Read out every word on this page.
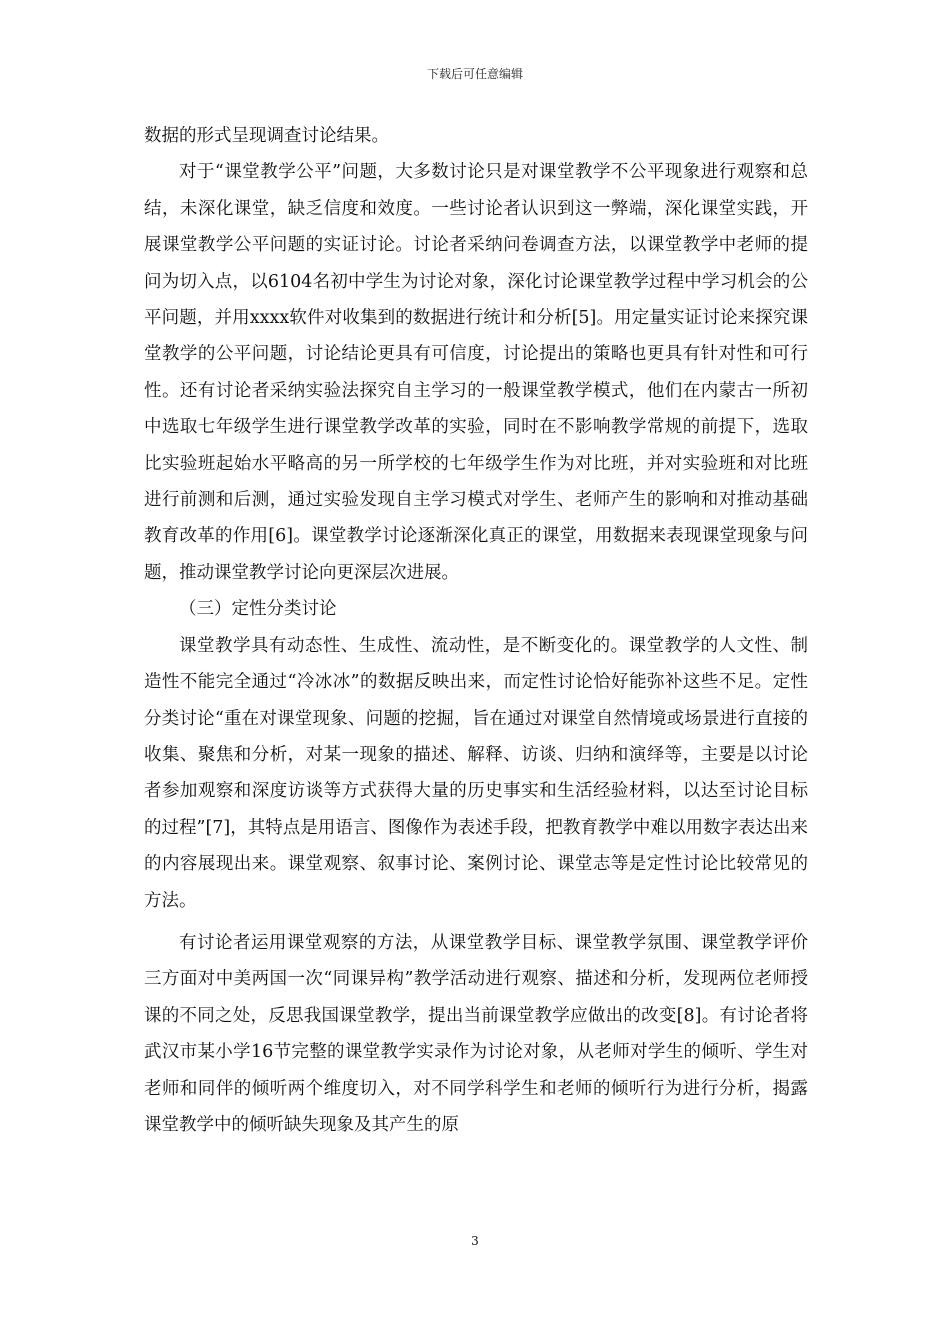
下载后可任意编辑

数据的形式呈现调查讨论结果。

对于“课堂教学公平”问题，大多数讨论只是对课堂教学不公平现象进行观察和总结，未深化课堂，缺乏信度和效度。一些讨论者认识到这一弊端，深化课堂实践，开展课堂教学公平问题的实证讨论。讨论者采纳问卷调查方法，以课堂教学中老师的提问为切入点，以6104名初中学生为讨论对象，深化讨论课堂教学过程中学习机会的公平问题，并用xxxx软件对收集到的数据进行统计和分析[5]。用定量实证讨论来探究课堂教学的公平问题，讨论结论更具有可信度，讨论提出的策略也更具有针对性和可行性。还有讨论者采纳实验法探究自主学习的一般课堂教学模式，他们在内蒙古一所初中选取七年级学生进行课堂教学改革的实验，同时在不影响教学常规的前提下，选取比实验班起始水平略高的另一所学校的七年级学生作为对比班，并对实验班和对比班进行前测和后测，通过实验发现自主学习模式对学生、老师产生的影响和对推动基础教育改革的作用[6]。课堂教学讨论逐渐深化真正的课堂，用数据来表现课堂现象与问题，推动课堂教学讨论向更深层次进展。

（三）定性分类讨论

课堂教学具有动态性、生成性、流动性，是不断变化的。课堂教学的人文性、制造性不能完全通过“冷冰冰”的数据反映出来，而定性讨论恰好能弥补这些不足。定性分类讨论“重在对课堂现象、问题的挖掘，旨在通过对课堂自然情境或场景进行直接的收集、聚焦和分析，对某一现象的描述、解释、访谈、归纳和演绎等，主要是以讨论者参加观察和深度访谈等方式获得大量的历史事实和生活经验材料，以达至讨论目标的过程”[7]，其特点是用语言、图像作为表述手段，把教育教学中难以用数字表达出来的内容展现出来。课堂观察、叙事讨论、案例讨论、课堂志等是定性讨论比较常见的方法。

有讨论者运用课堂观察的方法，从课堂教学目标、课堂教学氛围、课堂教学评价三方面对中美两国一次“同课异构”教学活动进行观察、描述和分析，发现两位老师授课的不同之处，反思我国课堂教学，提出当前课堂教学应做出的改变[8]。有讨论者将武汉市某小学16节完整的课堂教学实录作为讨论对象，从老师对学生的倾听、学生对老师和同伴的倾听两个维度切入，对不同学科学生和老师的倾听行为进行分析，揭露课堂教学中的倾听缺失现象及其产生的原

3
